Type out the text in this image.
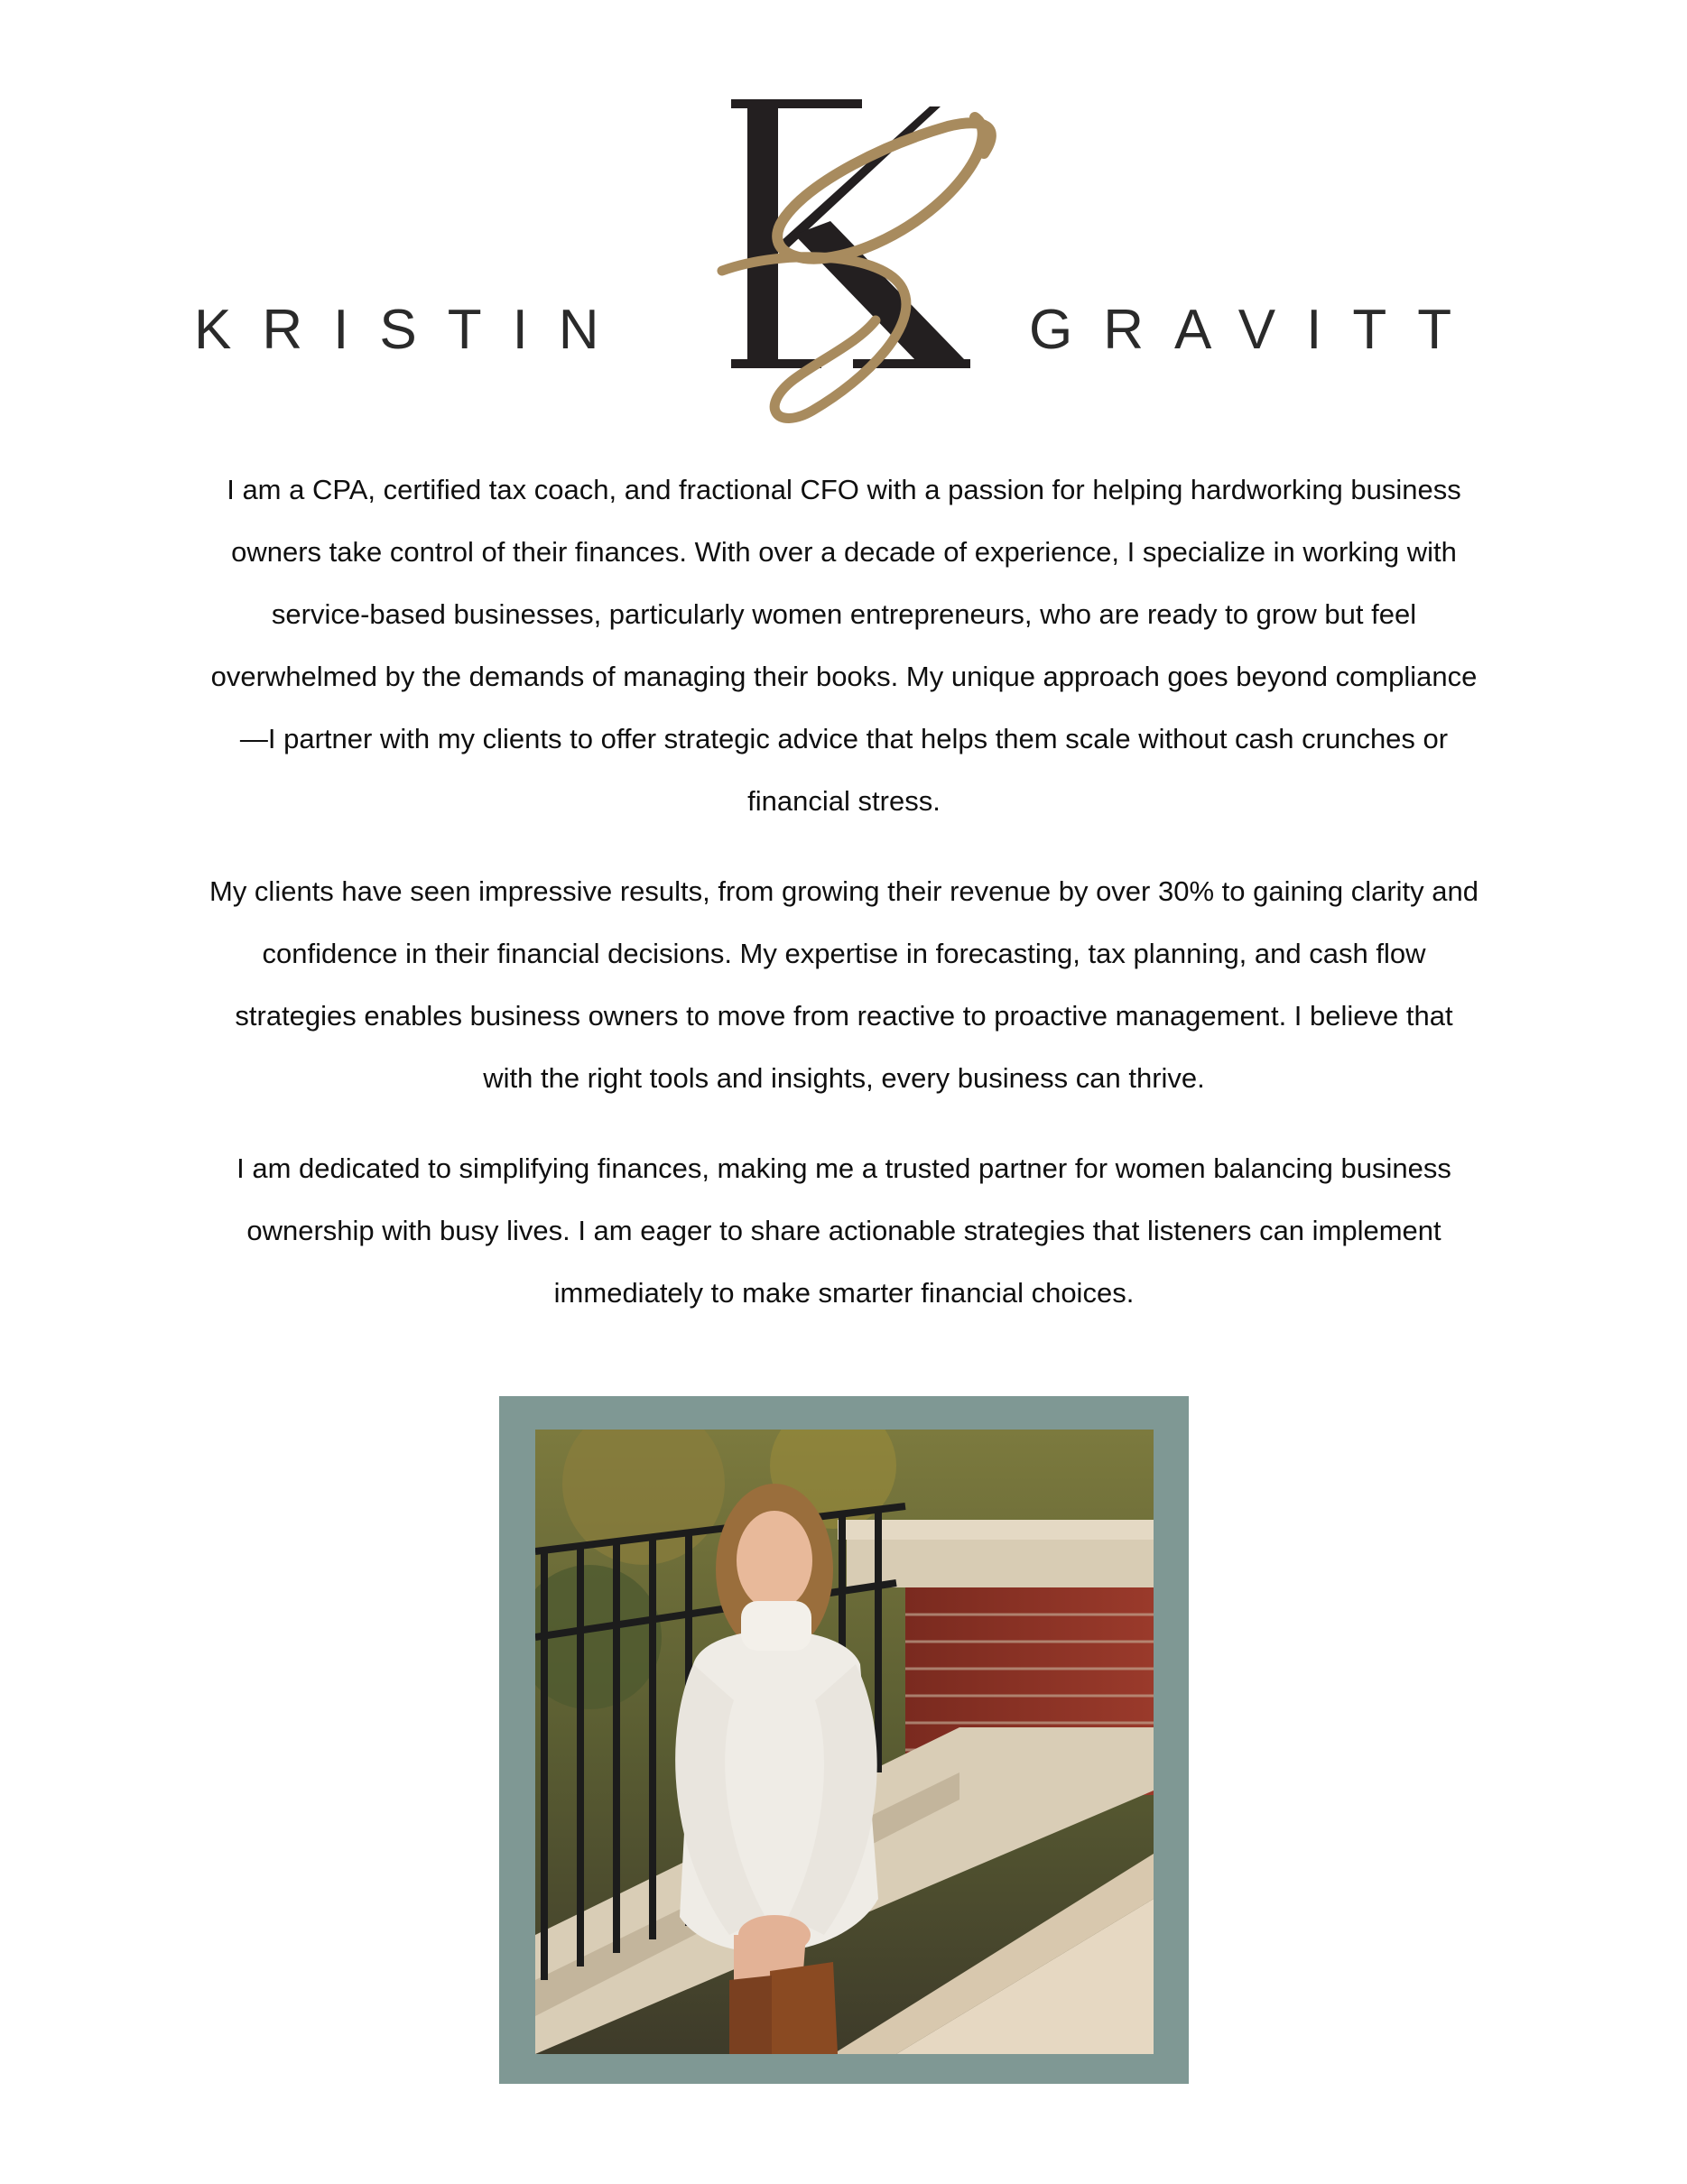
KRISTIN	GRAVITT

I am a CPA, certified tax coach, and fractional CFO with a passion for helping hardworking business owners take control of their finances. With over a decade of experience, I specialize in working with service-based businesses, particularly women entrepreneurs, who are ready to grow but feel overwhelmed by the demands of managing their books. My unique approach goes beyond compliance—I partner with my clients to offer strategic advice that helps them scale without cash crunches or financial stress.

My clients have seen impressive results, from growing their revenue by over 30% to gaining clarity and confidence in their financial decisions. My expertise in forecasting, tax planning, and cash flow strategies enables business owners to move from reactive to proactive management. I believe that with the right tools and insights, every business can thrive.

I am dedicated to simplifying finances, making me a trusted partner for women balancing business ownership with busy lives. I am eager to share actionable strategies that listeners can implement immediately to make smarter financial choices.
